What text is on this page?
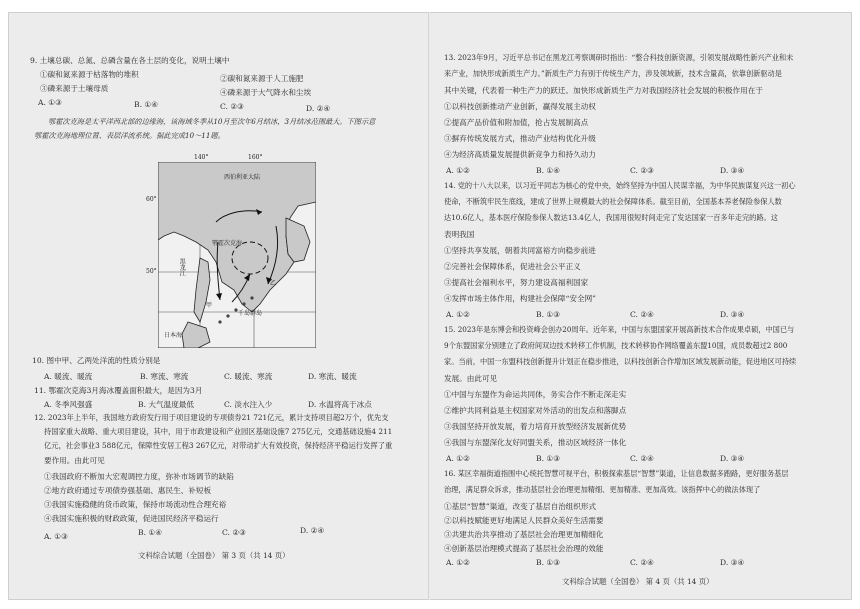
9. 土壤总碳、总氮、总磷含量在各土层的变化，说明土壤中
①碳和氮来源于枯落物的堆积	②碳和氮来源于人工施肥
③磷来源于土壤母质	④磷来源于大气降水和尘埃
A. ①③	B. ①④	C. ②③	D. ②④
鄂霍次克海是太平洋西北部的边缘海，该海域冬季从10月至次年6月结冰，3月结冰范围最大。下图示意
鄂霍次克海地理位置、表层洋流系统。据此完成10～11题。
140°	160°
60°
50°
西伯利亚大陆
鄂霍次克海
黑龙江
乙
甲
千岛群岛
日本海
10. 图中甲、乙两处洋流的性质分别是
A. 暖流、暖流	B. 寒流、寒流	C. 暖流、寒流	D. 寒流、暖流
11. 鄂霍次克海3月海冰覆盖面积最大，是因为3月
A. 冬季风强盛	B. 大气温度最低	C. 淡水注入少	D. 水温将高于冰点
12. 2023年上半年，我国地方政府发行用于项目建设的专项债券21 721亿元，累计支持项目超2万个，优先支
持国家重大战略、重大项目建设，其中，用于市政建设和产业园区基础设施7 275亿元，交通基础设施4 211
亿元，社会事业3 588亿元，保障性安居工程3 267亿元，对带动扩大有效投资，保持经济平稳运行发挥了重
要作用。由此可见
①我国政府不断加大宏观调控力度，弥补市场调节的缺陷
②地方政府通过专项债券强基础、惠民生、补短板
③我国实施稳健的货币政策，保持市场流动性合理充裕
④我国实施积极的财政政策，促进国民经济平稳运行
A. ①③	B. ①④	C. ②③	D. ②④
文科综合试题（全国卷） 第 3 页（共 14 页）
13. 2023年9月，习近平总书记在黑龙江考察调研时指出：“整合科技创新资源，引领发展战略性新兴产业和未
来产业，加快形成新质生产力。”新质生产力有别于传统生产力，涉及领域新，技术含量高，依靠创新驱动是
其中关键，代表着一种生产力的跃迁。加快形成新质生产力对我国经济社会发展的积极作用在于
①以科技创新推动产业创新，赢得发展主动权
②提高产品价值和附加值，抢占发展制高点
③摒弃传统发展方式，推动产业结构优化升级
④为经济高质量发展提供新竞争力和持久动力
A. ①②	B. ①④	C. ②③	D. ③④
14. 党的十八大以来，以习近平同志为核心的党中央，始终坚持为中国人民谋幸福，为中华民族谋复兴这一初心
使命，不断筑牢民生底线，建成了世界上规模最大的社会保障体系。截至目前，全国基本养老保险参保人数
达10.6亿人，基本医疗保险参保人数达13.4亿人，我国用很短时间走完了发达国家一百多年走完的路。这
表明我国
①坚持共享发展，朝着共同富裕方向稳步前进
②完善社会保障体系，促进社会公平正义
③提高社会福利水平，努力建设高福利国家
④发挥市场主体作用，构建社会保障“安全网”
A. ①②	B. ①③	C. ②④	D. ③④
15. 2023年是东博会和投资峰会创办20周年。近年来，中国与东盟国家开展高新技术合作成果卓硕，中国已与
9个东盟国家分别建立了政府间双边技术转移工作机制，技术转移协作网络覆盖东盟10国，成员数超过2 800
家。当前，中国一东盟科技创新提升计划正在稳步推进，以科技创新合作增加区域发展新动能，促进地区可持续
发展。由此可见
①中国与东盟作为命运共同体，务实合作不断走深走实
②维护共同利益是主权国家对外活动的出发点和落脚点
③我国坚持开放发展，着力培育开放型经济发展新优势
④我国与东盟深化友好同盟关系，推动区域经济一体化
A. ①②	B. ①③	C. ②④	D. ③④
16. 某区幸福街道指围中心统托智慧可视平台，积极探索基层“智慧”渠道，让信息数据多跑路，更好服务基层
治理，满足群众诉求，推动基层社会治理更加精细、更加精准、更加高效。该指挥中心的做法体现了
①基层“智慧”渠道，改变了基层自治组织形式
②以科技赋能更好地满足人民群众美好生活需要
③共建共治共享推动了基层社会治理更加精细化
④创新基层治理模式提高了基层社会治理的效能
A. ①②	B. ①③	C. ②④	D. ③④
文科综合试题（全国卷） 第 4 页（共 14 页）
